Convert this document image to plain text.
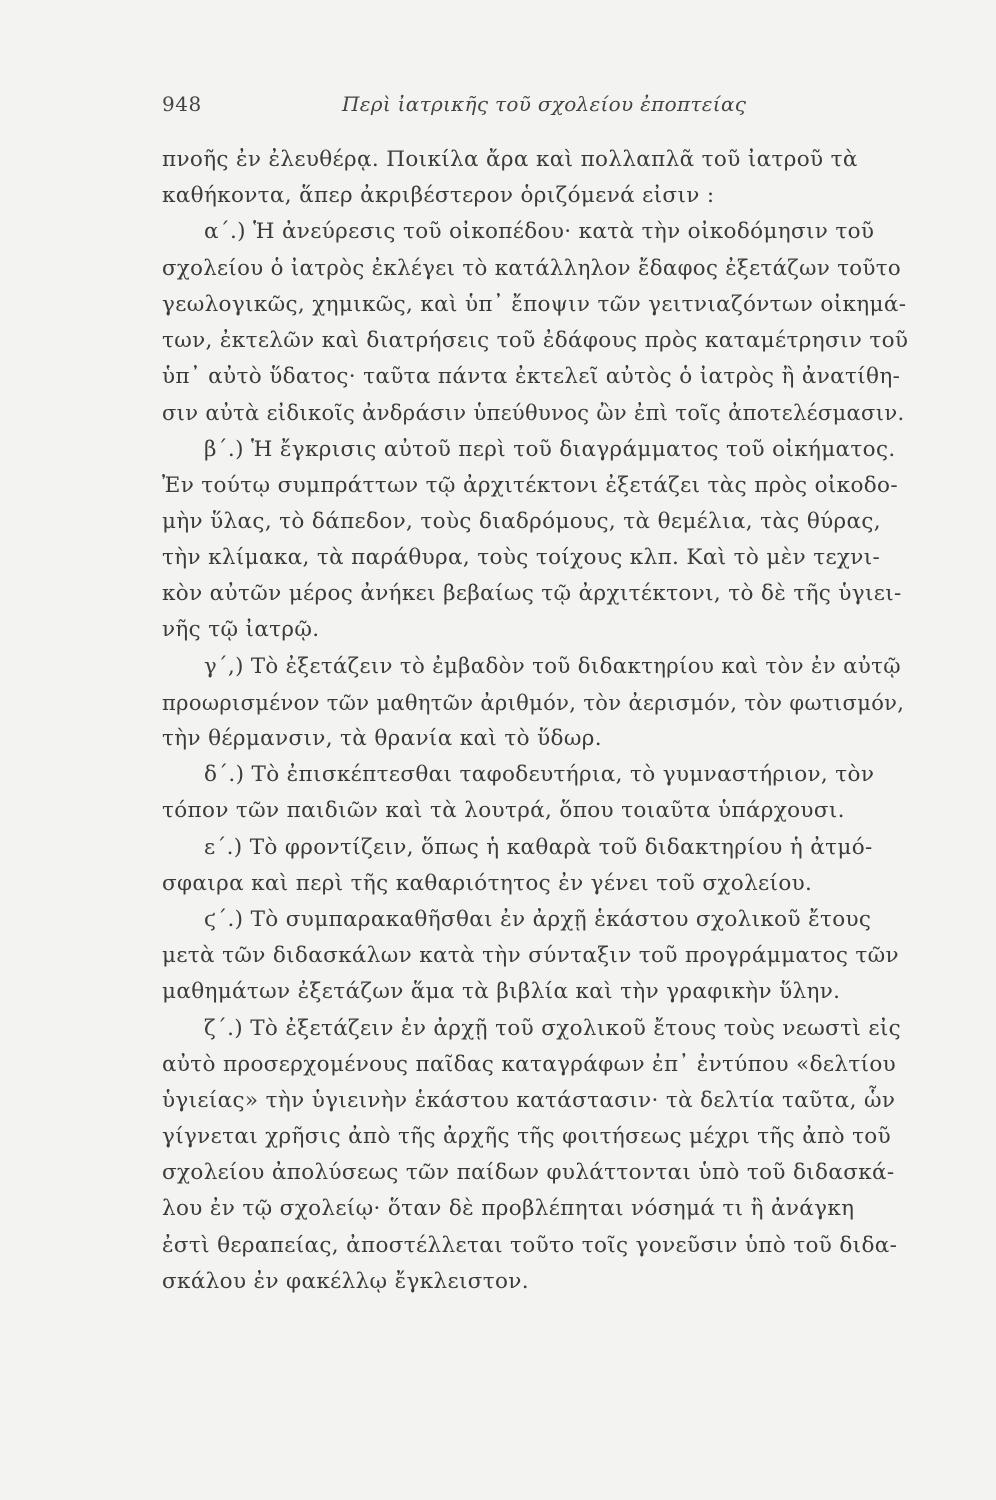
948	Περὶ ἰατρικῆς τοῦ σχολείου ἐποπτείας
πνοῆς ἐν ἐλευθέρᾳ. Ποικίλα ἄρα καὶ πολλαπλᾶ τοῦ ἰατροῦ τὰ
καθήκοντα, ἅπερ ἀκριβέστερον ὁριζόμενά εἰσιν :
α΄.) Ἡ ἀνεύρεσις τοῦ οἰκοπέδου· κατὰ τὴν οἰκοδόμησιν τοῦ
σχολείου ὁ ἰατρὸς ἐκλέγει τὸ κατάλληλον ἔδαφος ἐξετάζων τοῦτο
γεωλογικῶς, χημικῶς, καὶ ὑπ᾽ ἔποψιν τῶν γειτνιαζόντων οἰκημά-
των, ἐκτελῶν καὶ διατρήσεις τοῦ ἐδάφους πρὸς καταμέτρησιν τοῦ
ὑπ᾽ αὐτὸ ὕδατος· ταῦτα πάντα ἐκτελεῖ αὐτὸς ὁ ἰατρὸς ἢ ἀνατίθη-
σιν αὐτὰ εἰδικοῖς ἀνδράσιν ὑπεύθυνος ὢν ἐπὶ τοῖς ἀποτελέσμασιν.
β΄.) Ἡ ἔγκρισις αὐτοῦ περὶ τοῦ διαγράμματος τοῦ οἰκήματος.
Ἐν τούτῳ συμπράττων τῷ ἀρχιτέκτονι ἐξετάζει τὰς πρὸς οἰκοδο-
μὴν ὕλας, τὸ δάπεδον, τοὺς διαδρόμους, τὰ θεμέλια, τὰς θύρας,
τὴν κλίμακα, τὰ παράθυρα, τοὺς τοίχους κλπ. Καὶ τὸ μὲν τεχνι-
κὸν αὐτῶν μέρος ἀνήκει βεβαίως τῷ ἀρχιτέκτονι, τὸ δὲ τῆς ὑγιει-
νῆς τῷ ἰατρῷ.
γ΄,) Τὸ ἐξετάζειν τὸ ἐμβαδὸν τοῦ διδακτηρίου καὶ τὸν ἐν αὐτῷ
προωρισμένον τῶν μαθητῶν ἀριθμόν, τὸν ἀερισμόν, τὸν φωτισμόν,
τὴν θέρμανσιν, τὰ θρανία καὶ τὸ ὕδωρ.
δ΄.) Τὸ ἐπισκέπτεσθαι ταφοδευτήρια, τὸ γυμναστήριον, τὸν
τόπον τῶν παιδιῶν καὶ τὰ λουτρά, ὅπου τοιαῦτα ὑπάρχουσι.
ε΄.) Τὸ φροντίζειν, ὅπως ἡ καθαρὰ τοῦ διδακτηρίου ἡ ἀτμό-
σφαιρα καὶ περὶ τῆς καθαριότητος ἐν γένει τοῦ σχολείου.
ϛ΄.) Τὸ συμπαρακαθῆσθαι ἐν ἀρχῇ ἑκάστου σχολικοῦ ἔτους
μετὰ τῶν διδασκάλων κατὰ τὴν σύνταξιν τοῦ προγράμματος τῶν
μαθημάτων ἐξετάζων ἅμα τὰ βιβλία καὶ τὴν γραφικὴν ὕλην.
ζ΄.) Τὸ ἐξετάζειν ἐν ἀρχῇ τοῦ σχολικοῦ ἔτους τοὺς νεωστὶ εἰς
αὐτὸ προσερχομένους παῖδας καταγράφων ἐπ᾽ ἐντύπου «δελτίου
ὑγιείας» τὴν ὑγιεινὴν ἑκάστου κατάστασιν· τὰ δελτία ταῦτα, ὧν
γίγνεται χρῆσις ἀπὸ τῆς ἀρχῆς τῆς φοιτήσεως μέχρι τῆς ἀπὸ τοῦ
σχολείου ἀπολύσεως τῶν παίδων φυλάττονται ὑπὸ τοῦ διδασκά-
λου ἐν τῷ σχολείῳ· ὅταν δὲ προβλέπηται νόσημά τι ἢ ἀνάγκη
ἐστὶ θεραπείας, ἀποστέλλεται τοῦτο τοῖς γονεῦσιν ὑπὸ τοῦ διδα-
σκάλου ἐν φακέλλῳ ἔγκλειστον.
